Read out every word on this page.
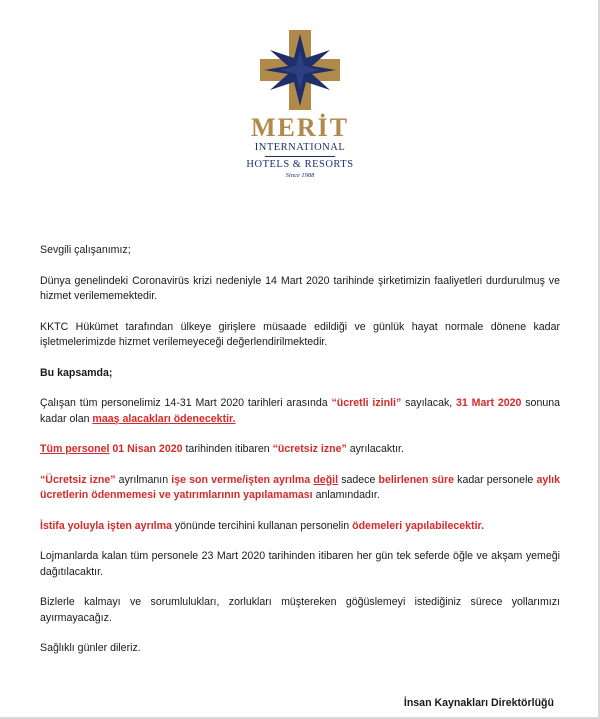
MERİT
INTERNATIONAL
HOTELS & RESORTS
Since 1988

Sevgili çalışanımız;

Dünya genelindeki Coronavirüs krizi nedeniyle 14 Mart 2020 tarihinde şirketimizin faaliyetleri durdurulmuş ve hizmet verilememektedir.

KKTC Hükümet tarafından ülkeye girişlere müsaade edildiği ve günlük hayat normale dönene kadar işletmelerimizde hizmet verilemeyeceği değerlendirilmektedir.

Bu kapsamda;

Çalışan tüm personelimiz 14-31 Mart 2020 tarihleri arasında “ücretli izinli” sayılacak, 31 Mart 2020 sonuna kadar olan maaş alacakları ödenecektir.

Tüm personel 01 Nisan 2020 tarihinden itibaren “ücretsiz izne” ayrılacaktır.

“Ücretsiz izne” ayrılmanın işe son verme/işten ayrılma değil sadece belirlenen süre kadar personele aylık ücretlerin ödenmemesi ve yatırımlarının yapılamaması anlamındadır.

İstifa yoluyla işten ayrılma yönünde tercihini kullanan personelin ödemeleri yapılabilecektir.

Lojmanlarda kalan tüm personele 23 Mart 2020 tarihinden itibaren her gün tek seferde öğle ve akşam yemeği dağıtılacaktır.

Bizlerle kalmayı ve sorumlulukları, zorlukları müştereken göğüslemeyi istediğiniz sürece yollarımızı ayırmayacağız.

Sağlıklı günler dileriz.

İnsan Kaynakları Direktörlüğü
